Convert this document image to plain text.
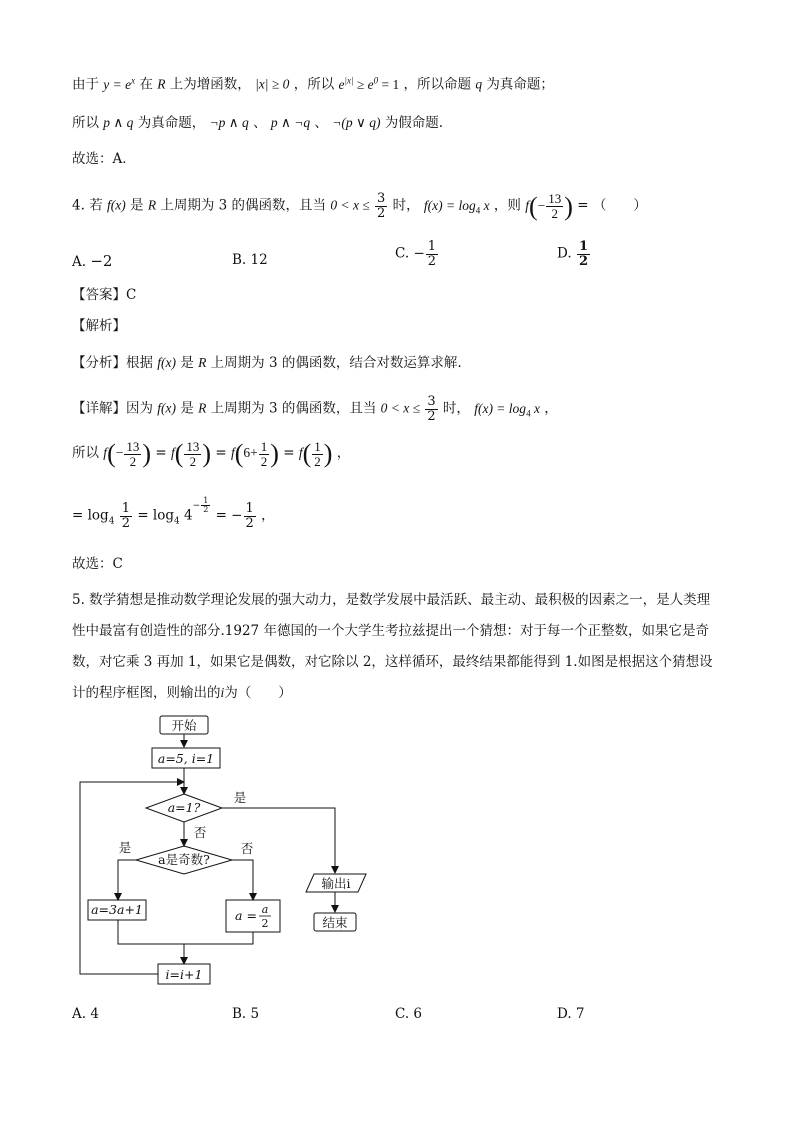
由于 $y = e^x$ 在 R 上为增函数， |x| ≥ 0 ，所以 $e^{|x|} \ge e^0 = 1$ ，所以命题 q 为真命题；
所以 p ∧ q 为真命题， ¬p ∧ q 、 p ∧ ¬q 、 ¬(p ∨ q) 为假命题.
故选：A．
4. 若 f(x) 是 R 上周期为 3 的偶函数，且当 $0 < x \le \frac{3}{2}$ 时， $f(x) = \log_4 x$ ，则 $f(- \frac{13}{2}$ ) = （　　）
A. −2	B. 12	C. − $\frac{1}{2}$	D. $\frac{1}{2}$
【答案】C
【解析】
【分析】根据 f(x) 是 R 上周期为 3 的偶函数，结合对数运算求解.
【详解】因为 f(x) 是 R 上周期为 3 的偶函数，且当 $0 < x \le \frac{3}{2}$ 时， $f(x) = \log_4 x$ ，
所以 $f(- \frac{13}{2}$ ) = $f( \frac{13}{2}$ ) = $f(6+ \frac{1}{2}$ ) = $f( \frac{1}{2}$ ) ，
= $\log_4 \frac{1}{2} = \log_4 4^{- \frac{1}{2}}$
= − $\frac{1}{2}$ ，
故选：C
5. 数学猜想是推动数学理论发展的强大动力，是数学发展中最活跃、最主动、最积极的因素之一，是人类理
性中最富有创造性的部分.1927 年德国的一个大学生考拉兹提出一个猜想：对于每一个正整数，如果它是奇
数，对它乘 3 再加 1，如果它是偶数，对它除以 2，这样循环，最终结果都能得到 1.如图是根据这个猜想设
计的程序框图，则输出的i为（　　）
开始
a=5, i=1
a=1?
是
否
a是奇数?
是	否
a=3a+1	a = a
2
i=i+1
输出i
结束
A. 4	B. 5	C. 6	D. 7
